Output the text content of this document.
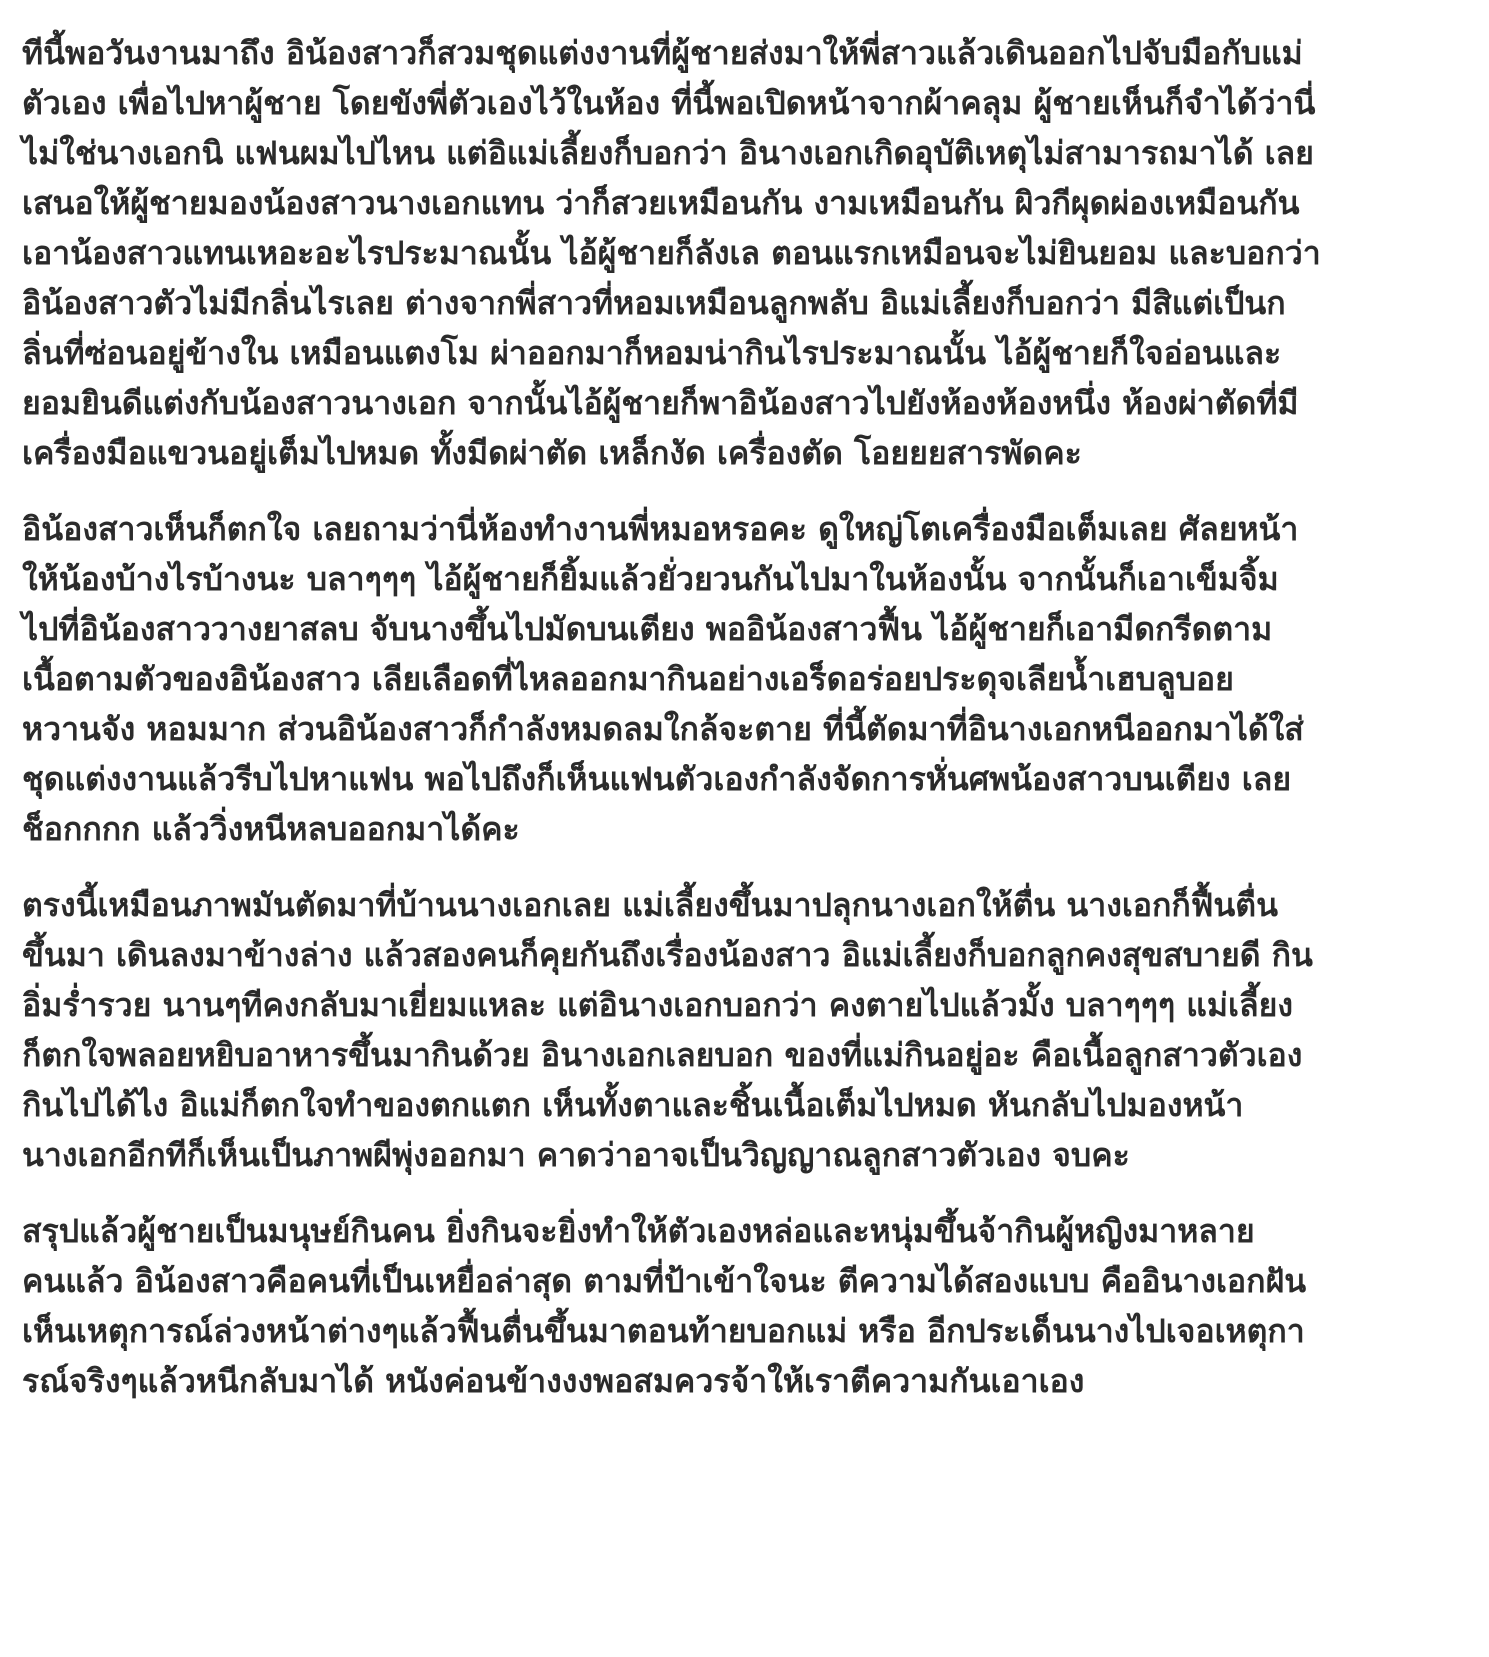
ทีนี้พอวันงานมาถึง อิน้องสาวก็สวมชุดแต่งงานที่ผู้ชายส่งมาให้พี่สาวแล้วเดินออกไปจับมือกับแม่
ตัวเอง เพื่อไปหาผู้ชาย โดยขังพี่ตัวเองไว้ในห้อง ที่นี้พอเปิดหน้าจากผ้าคลุม ผู้ชายเห็นก็จำได้ว่านี่
ไม่ใช่นางเอกนิ แฟนผมไปไหน แต่อิแม่เลี้ยงก็บอกว่า อินางเอกเกิดอุบัติเหตุไม่สามารถมาได้ เลย
เสนอให้ผู้ชายมองน้องสาวนางเอกแทน ว่าก็สวยเหมือนกัน งามเหมือนกัน ผิวกีผุดผ่องเหมือนกัน
เอาน้องสาวแทนเหอะอะไรประมาณนั้น ไอ้ผู้ชายก็ลังเล ตอนแรกเหมือนจะไม่ยินยอม และบอกว่า
อิน้องสาวตัวไม่มีกลิ่นไรเลย ต่างจากพี่สาวที่หอมเหมือนลูกพลับ อิแม่เลี้ยงก็บอกว่า มีสิแต่เป็นก
ลิ่นที่ซ่อนอยู่ข้างใน เหมือนแตงโม ผ่าออกมาก็หอมน่ากินไรประมาณนั้น ไอ้ผู้ชายก็ใจอ่อนและ
ยอมยินดีแต่งกับน้องสาวนางเอก จากนั้นไอ้ผู้ชายก็พาอิน้องสาวไปยังห้องห้องหนึ่ง ห้องผ่าตัดที่มี
เครื่องมือแขวนอยู่เต็มไปหมด ทั้งมีดผ่าตัด เหล็กงัด เครื่องตัด โอยยยสารพัดคะ
อิน้องสาวเห็นก็ตกใจ เลยถามว่านี่ห้องทำงานพี่หมอหรอคะ ดูใหญ่โตเครื่องมือเต็มเลย ศัลยหน้า
ให้น้องบ้างไรบ้างนะ บลาๆๆๆ ไอ้ผู้ชายก็ยิ้มแล้วยั่วยวนกันไปมาในห้องนั้น จากนั้นก็เอาเข็มจิ้ม
ไปที่อิน้องสาววางยาสลบ จับนางขึ้นไปมัดบนเตียง พออิน้องสาวฟื้น ไอ้ผู้ชายก็เอามีดกรีดตาม
เนื้อตามตัวของอิน้องสาว เลียเลือดที่ไหลออกมากินอย่างเอร็ดอร่อยประดุจเลียน้ำเฮบลูบอย
หวานจัง หอมมาก ส่วนอิน้องสาวก็กำลังหมดลมใกล้จะตาย ที่นี้ตัดมาที่อินางเอกหนีออกมาได้ใส่
ชุดแต่งงานแล้วรีบไปหาแฟน พอไปถึงก็เห็นแฟนตัวเองกำลังจัดการหั่นศพน้องสาวบนเตียง เลย
ช็อกกกก แล้ววิ่งหนีหลบออกมาได้คะ
ตรงนี้เหมือนภาพมันตัดมาที่บ้านนางเอกเลย แม่เลี้ยงขึ้นมาปลุกนางเอกให้ตื่น นางเอกก็ฟื้นตื่น
ขึ้นมา เดินลงมาข้างล่าง แล้วสองคนก็คุยกันถึงเรื่องน้องสาว อิแม่เลี้ยงก็บอกลูกคงสุขสบายดี กิน
อิ่มร่ำรวย นานๆทีคงกลับมาเยี่ยมแหละ แต่อินางเอกบอกว่า คงตายไปแล้วมั้ง บลาๆๆๆ แม่เลี้ยง
ก็ตกใจพลอยหยิบอาหารขึ้นมากินด้วย อินางเอกเลยบอก ของที่แม่กินอยู่อะ คือเนื้อลูกสาวตัวเอง
กินไปได้ไง อิแม่ก็ตกใจทำของตกแตก เห็นทั้งตาและชิ้นเนื้อเต็มไปหมด หันกลับไปมองหน้า
นางเอกอีกทีก็เห็นเป็นภาพผีพุ่งออกมา คาดว่าอาจเป็นวิญญาณลูกสาวตัวเอง จบคะ
สรุปแล้วผู้ชายเป็นมนุษย์กินคน ยิ่งกินจะยิ่งทำให้ตัวเองหล่อและหนุ่มขึ้นจ้ากินผู้หญิงมาหลาย
คนแล้ว อิน้องสาวคือคนที่เป็นเหยื่อล่าสุด ตามที่ป้าเข้าใจนะ ตีความได้สองแบบ คืออินางเอกฝัน
เห็นเหตุการณ์ล่วงหน้าต่างๆแล้วฟื้นตื่นขึ้นมาตอนท้ายบอกแม่ หรือ อีกประเด็นนางไปเจอเหตุกา
รณ์จริงๆแล้วหนีกลับมาได้ หนังค่อนข้างงงพอสมควรจ้าให้เราตีความกันเอาเอง
